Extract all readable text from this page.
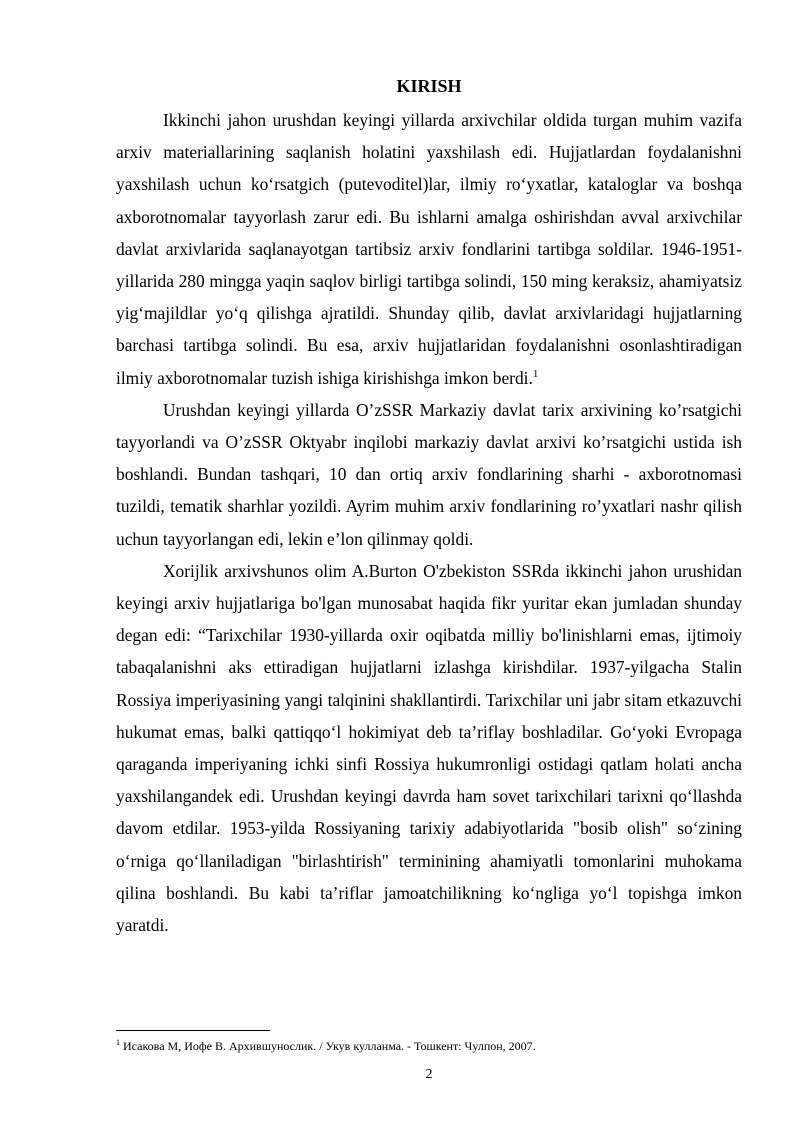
KIRISH

Ikkinchi jahon urushdan keyingi yillarda arxivchilar oldida turgan muhim vazifa arxiv materiallarining saqlanish holatini yaxshilash edi. Hujjatlardan foydalanishni yaxshilash uchun ko‘rsatgich (putevoditel)lar, ilmiy ro‘yxatlar, kataloglar va boshqa axborotnomalar tayyorlash zarur edi. Bu ishlarni amalga oshirishdan avval arxivchilar davlat arxivlarida saqlanayotgan tartibsiz arxiv fondlarini tartibga soldilar. 1946-1951-yillarida 280 mingga yaqin saqlov birligi tartibga solindi, 150 ming keraksiz, ahamiyatsiz yig‘majildlar yo‘q qilishga ajratildi. Shunday qilib, davlat arxivlaridagi hujjatlarning barchasi tartibga solindi. Bu esa, arxiv hujjatlaridan foydalanishni osonlashtiradigan ilmiy axborotnomalar tuzish ishiga kirishishga imkon berdi.$^1$

Urushdan keyingi yillarda O’zSSR Markaziy davlat tarix arxivining ko’rsatgichi tayyorlandi va O’zSSR Oktyabr inqilobi markaziy davlat arxivi ko’rsatgichi ustida ish boshlandi. Bundan tashqari, 10 dan ortiq arxiv fondlarining sharhi - axborotnomasi tuzildi, tematik sharhlar yozildi. Ayrim muhim arxiv fondlarining ro’yxatlari nashr qilish uchun tayyorlangan edi, lekin e’lon qilinmay qoldi.

Xorijlik arxivshunos olim A.Burton O'zbekiston SSRda ikkinchi jahon urushidan keyingi arxiv hujjatlariga bo'lgan munosabat haqida fikr yuritar ekan jumladan shunday degan edi: “Tarixchilar 1930-yillarda oxir oqibatda milliy bo'linishlarni emas, ijtimoiy tabaqalanishni aks ettiradigan hujjatlarni izlashga kirishdilar. 1937-yilgacha Stalin Rossiya imperiyasining yangi talqinini shakllantirdi. Tarixchilar uni jabr sitam etkazuvchi hukumat emas, balki qattiqqo‘l hokimiyat deb ta’riflay boshladilar. Go‘yoki Evropaga qaraganda imperiyaning ichki sinfi Rossiya hukumronligi ostidagi qatlam holati ancha yaxshilangandek edi. Urushdan keyingi davrda ham sovet tarixchilari tarixni qo‘llashda davom etdilar. 1953-yilda Rossiyaning tarixiy adabiyotlarida "bosib olish" so‘zining o‘rniga qo‘llaniladigan "birlashtirish" terminining ahamiyatli tomonlarini muhokama qilina boshlandi. Bu kabi ta’riflar jamoatchilikning ko‘ngliga yo‘l topishga imkon yaratdi.

$^1$ Исакова М, Иофе В. Архившунослик. / Укув кулланма. - Тошкент: Чулпон, 2007.
2
